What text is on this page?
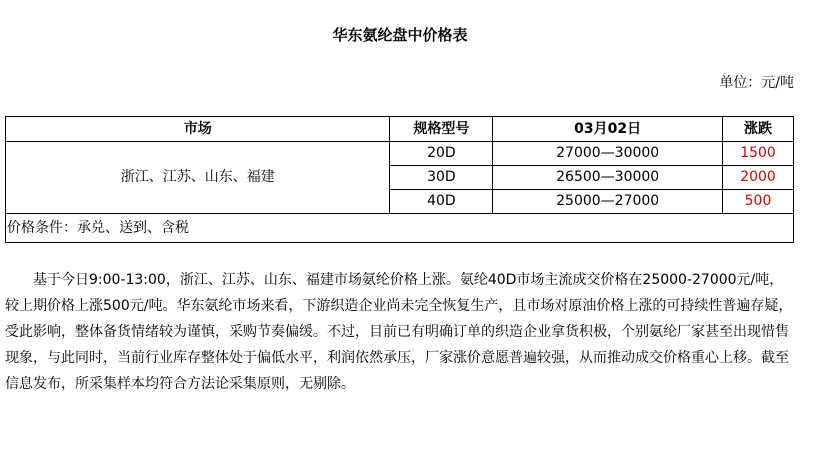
华东氨纶盘中价格表
单位：元/吨
市场	规格型号	03月02日	涨跌
浙江、江苏、山东、福建	20D	27000—30000	1500
	30D	26500—30000	2000
	40D	25000—27000	500
价格条件：承兑、送到、含税			

基于今日9:00-13:00，浙江、江苏、山东、福建市场氨纶价格上涨。氨纶40D市场主流成交价格在25000-27000元/吨，较上期价格上涨500元/吨。华东氨纶市场来看，下游织造企业尚未完全恢复生产，且市场对原油价格上涨的可持续性普遍存疑，受此影响，整体备货情绪较为谨慎，采购节奏偏缓。不过，目前已有明确订单的织造企业拿货积极，个别氨纶厂家甚至出现惜售现象，与此同时，当前行业库存整体处于偏低水平，利润依然承压，厂家涨价意愿普遍较强，从而推动成交价格重心上移。截至信息发布，所采集样本均符合方法论采集原则，无剔除。
